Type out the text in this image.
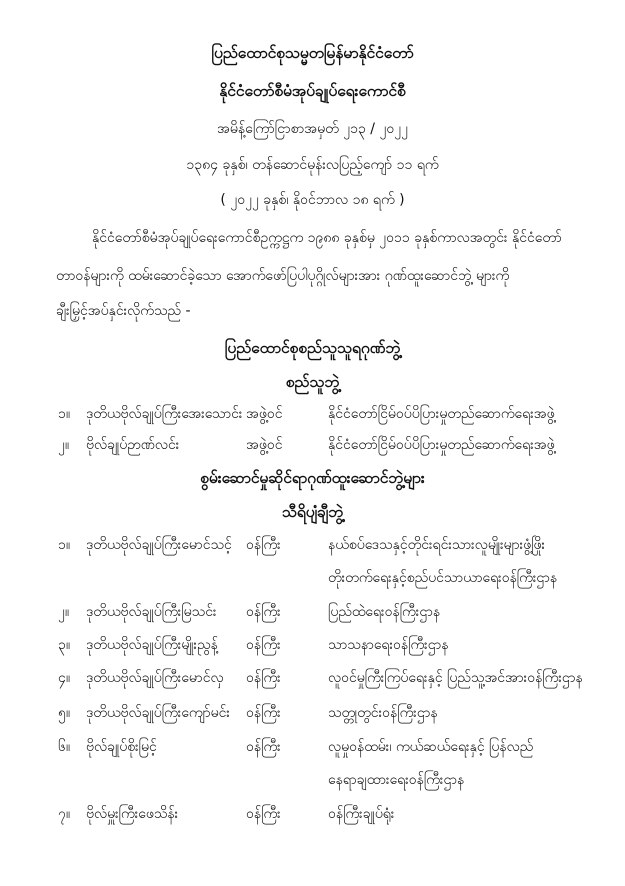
ပြည်ထောင်စုသမ္မတမြန်မာနိုင်ငံတော်
နိုင်ငံတော်စီမံအုပ်ချုပ်ရေးကောင်စီ
အမိန့်ကြော်ငြာစာအမှတ် ၂၁၃ / ၂၀၂၂
၁၃၈၄ ခုနှစ်၊ တန်ဆောင်မုန်းလပြည့်ကျော် ၁၁ ရက်
( ၂၀၂၂ ခုနှစ်၊ နိုဝင်ဘာလ ၁၈ ရက် )
နိုင်ငံတော်စီမံအုပ်ချုပ်ရေးကောင်စီဥက္ကဋ္ဌက ၁၉၈၈ ခုနှစ်မှ ၂၀၁၁ ခုနှစ်ကာလအတွင်း နိုင်ငံတော်
တာဝန်များကို ထမ်းဆောင်ခဲ့သော အောက်ဖော်ပြပါပုဂ္ဂိုလ်များအား ဂုဏ်ထူးဆောင်ဘွဲ့ များကို
ချီးမြှင့်အပ်နှင်းလိုက်သည် -
ပြည်ထောင်စုစည်သူသူရဂုဏ်ဘွဲ့
စည်သူဘွဲ့
၁။ ဒုတိယဗိုလ်ချုပ်ကြီးအေးသောင်း အဖွဲ့ဝင်	နိုင်ငံတော်ငြိမ်ဝပ်ပိပြားမှုတည်ဆောက်ရေးအဖွဲ့
၂။ ဗိုလ်ချုပ်ဉာဏ်လင်း	အဖွဲ့ဝင်	နိုင်ငံတော်ငြိမ်ဝပ်ပိပြားမှုတည်ဆောက်ရေးအဖွဲ့
စွမ်းဆောင်မှုဆိုင်ရာဂုဏ်ထူးဆောင်ဘွဲ့များ
သီရိပျံချီဘွဲ့
၁။ ဒုတိယဗိုလ်ချုပ်ကြီးမောင်သင့် ဝန်ကြီး	နယ်စပ်ဒေသနှင့်တိုင်းရင်းသားလူမျိုးများဖွံ့ဖြိုး
တိုးတက်ရေးနှင့်စည်ပင်သာယာရေးဝန်ကြီးဌာန
၂။ ဒုတိယဗိုလ်ချုပ်ကြီးမြသင်း ဝန်ကြီး	ပြည်ထဲရေးဝန်ကြီးဌာန
၃။ ဒုတိယဗိုလ်ချုပ်ကြီးမျိုးညွန့် ဝန်ကြီး	သာသနာရေးဝန်ကြီးဌာန
၄။ ဒုတိယဗိုလ်ချုပ်ကြီးမောင်လှ ဝန်ကြီး	လူဝင်မှုကြီးကြပ်ရေးနှင့် ပြည်သူ့အင်အားဝန်ကြီးဌာန
၅။ ဒုတိယဗိုလ်ချုပ်ကြီးကျော်မင်း ဝန်ကြီး	သတ္တုတွင်းဝန်ကြီးဌာန
၆။ ဗိုလ်ချုပ်စိုးမြင့်	ဝန်ကြီး	လူမှုဝန်ထမ်း၊ ကယ်ဆယ်ရေးနှင့် ပြန်လည်
နေရာချထားရေးဝန်ကြီးဌာန
၇။ ဗိုလ်မှူးကြီးဖေသိန်း	ဝန်ကြီး	ဝန်ကြီးချုပ်ရုံး
